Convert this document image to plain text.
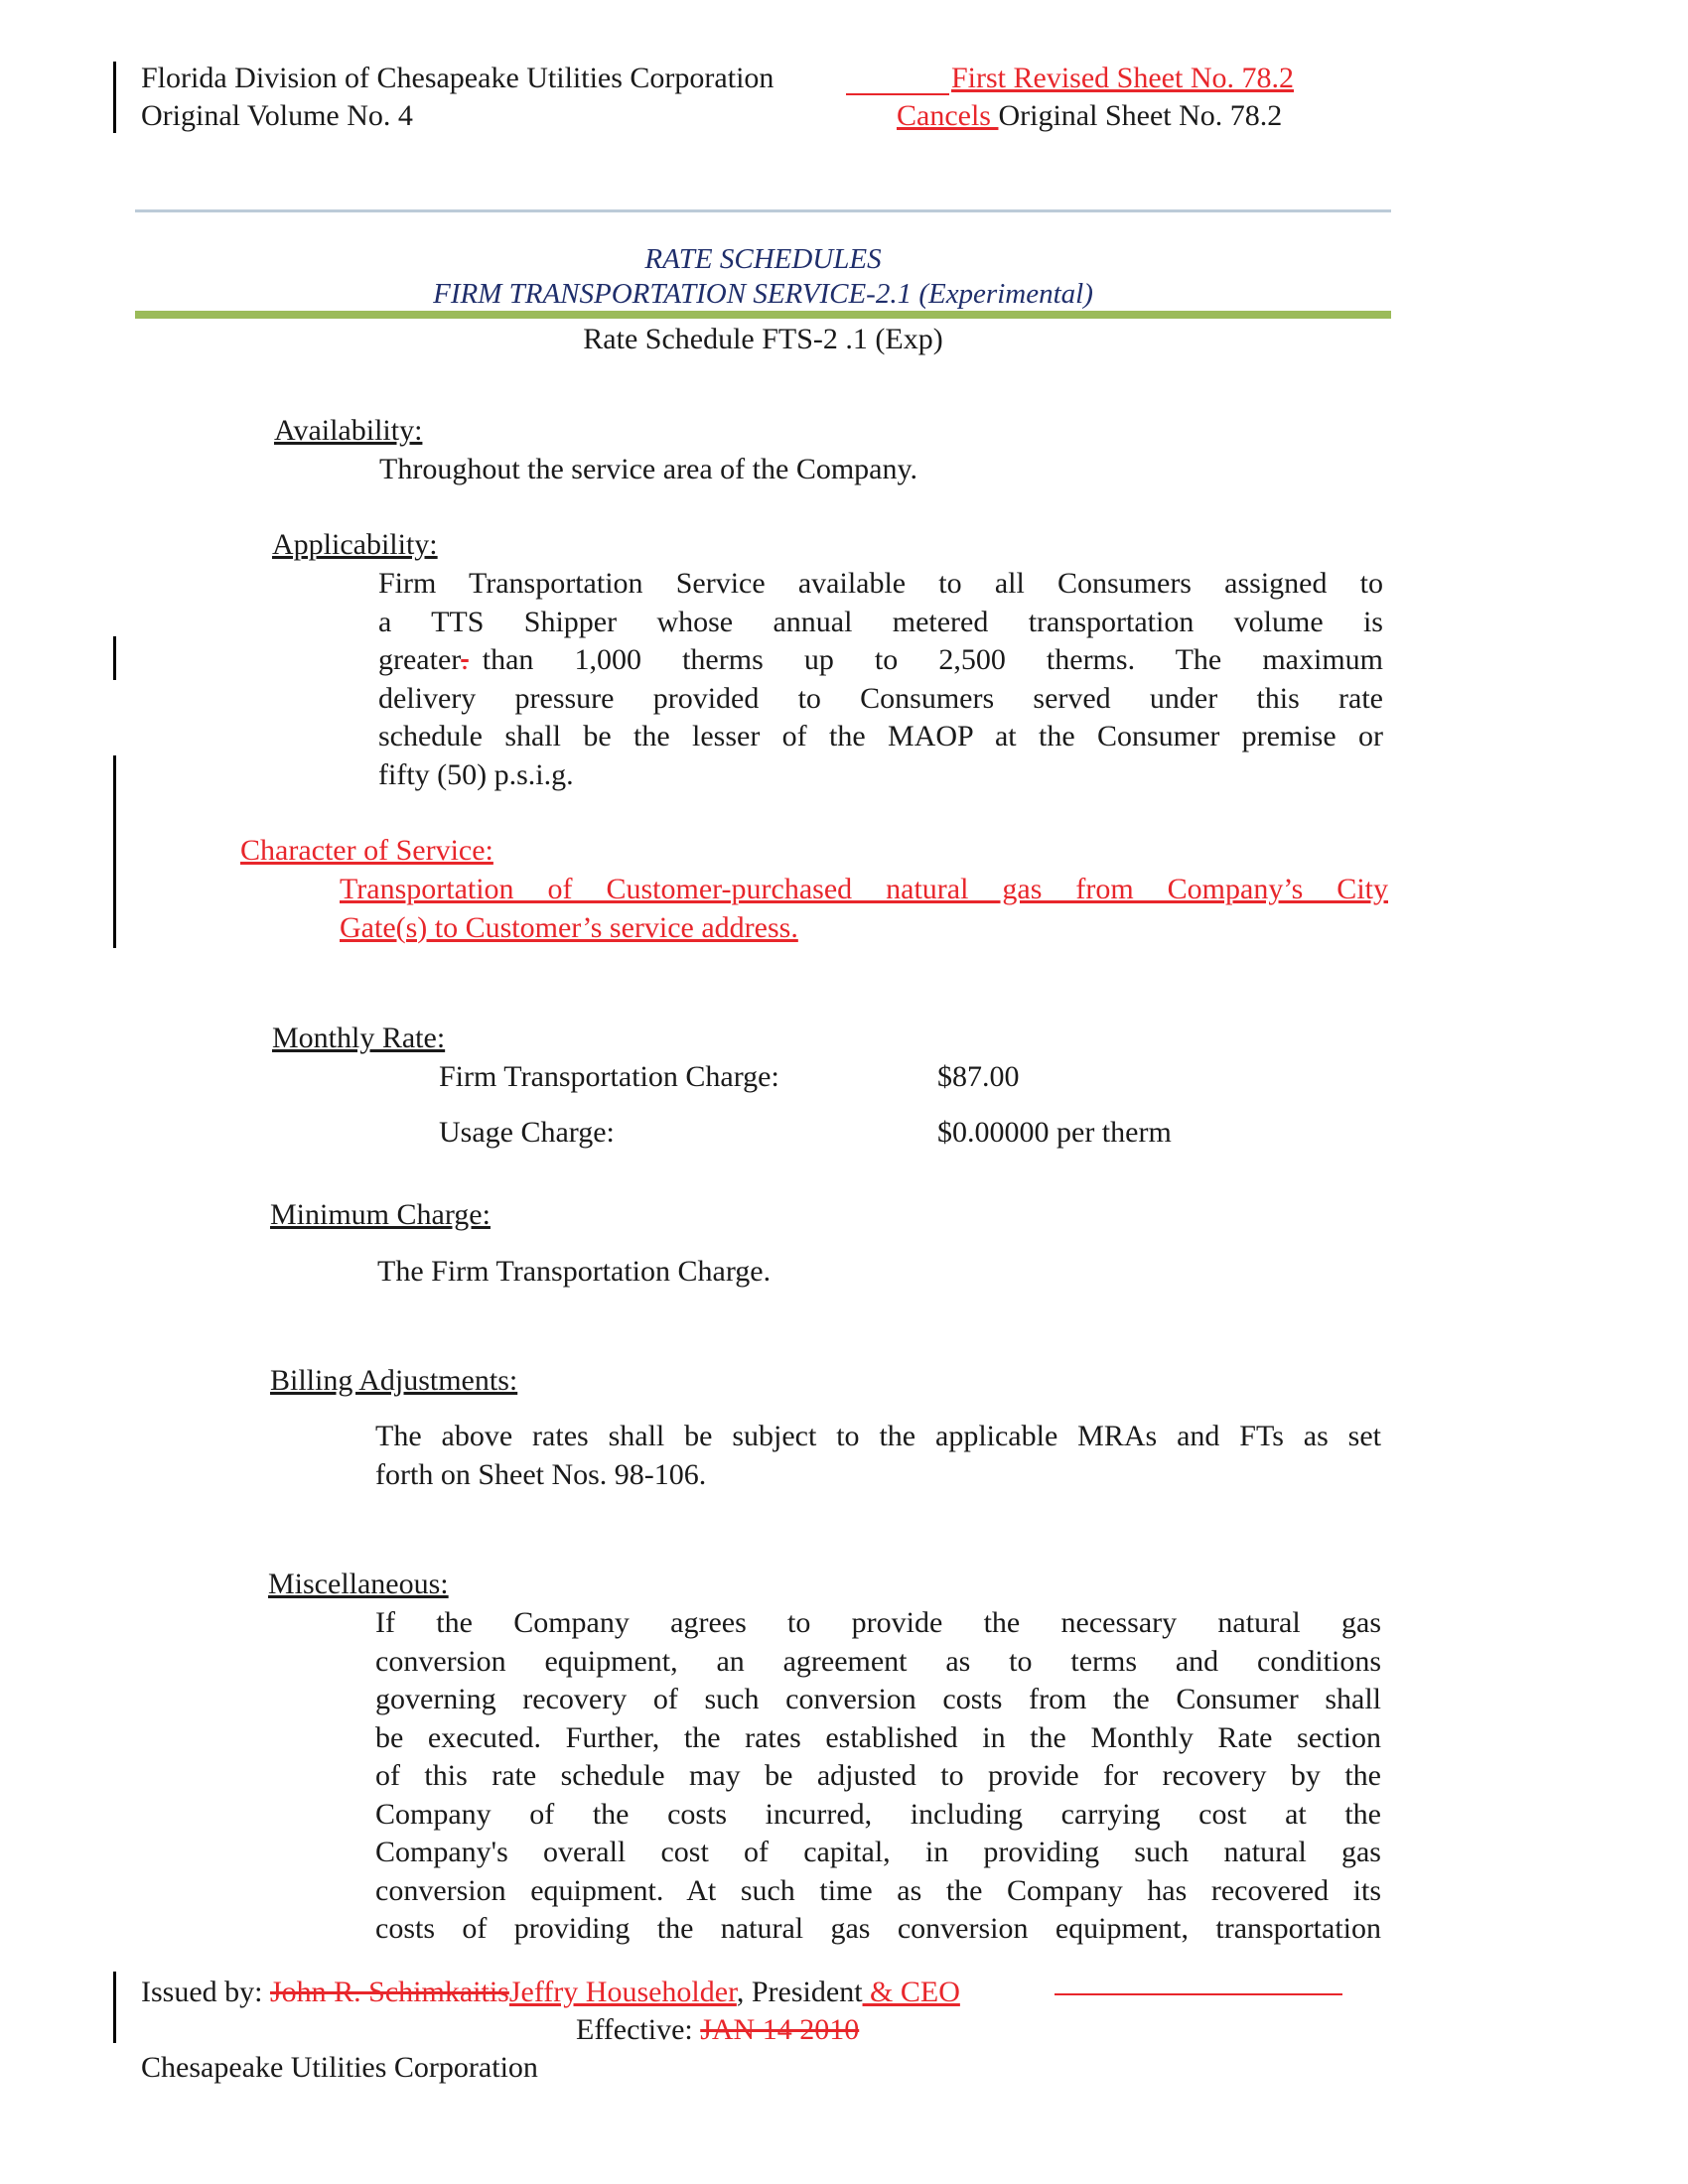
Florida Division of Chesapeake Utilities Corporation
Original Volume No. 4
First Revised Sheet No. 78.2
Cancels Original Sheet No. 78.2
RATE SCHEDULES
FIRM TRANSPORTATION SERVICE-2.1 (Experimental)
Rate Schedule FTS-2 .1 (Exp)
Availability:
Throughout the service area of the Company.
Applicability:
Firm Transportation Service available to all Consumers assigned to
a TTS Shipper whose annual metered transportation volume is
greater . than 1,000 therms up to 2,500 therms. The maximum
delivery pressure provided to Consumers served under this rate
schedule shall be the lesser of the MAOP at the Consumer premise or
fifty (50) p.s.i.g.
Character of Service:
Transportation of Customer-purchased natural gas from Company’s City
Gate(s) to Customer’s service address.
Monthly Rate:
Firm Transportation Charge:	$87.00
Usage Charge:	$0.00000 per therm
Minimum Charge:
The Firm Transportation Charge.
Billing Adjustments:
The above rates shall be subject to the applicable MRAs and FTs as set
forth on Sheet Nos. 98-106.
Miscellaneous:
If the Company agrees to provide the necessary natural gas
conversion equipment, an agreement as to terms and conditions
governing recovery of such conversion costs from the Consumer shall
be executed. Further, the rates established in the Monthly Rate section
of this rate schedule may be adjusted to provide for recovery by the
Company of the costs incurred, including carrying cost at the
Company's overall cost of capital, in providing such natural gas
conversion equipment. At such time as the Company has recovered its
costs of providing the natural gas conversion equipment, transportation
Issued by: John R. SchimkaitisJeffry Householder, President & CEO
Effective: JAN 14 2010
Chesapeake Utilities Corporation
